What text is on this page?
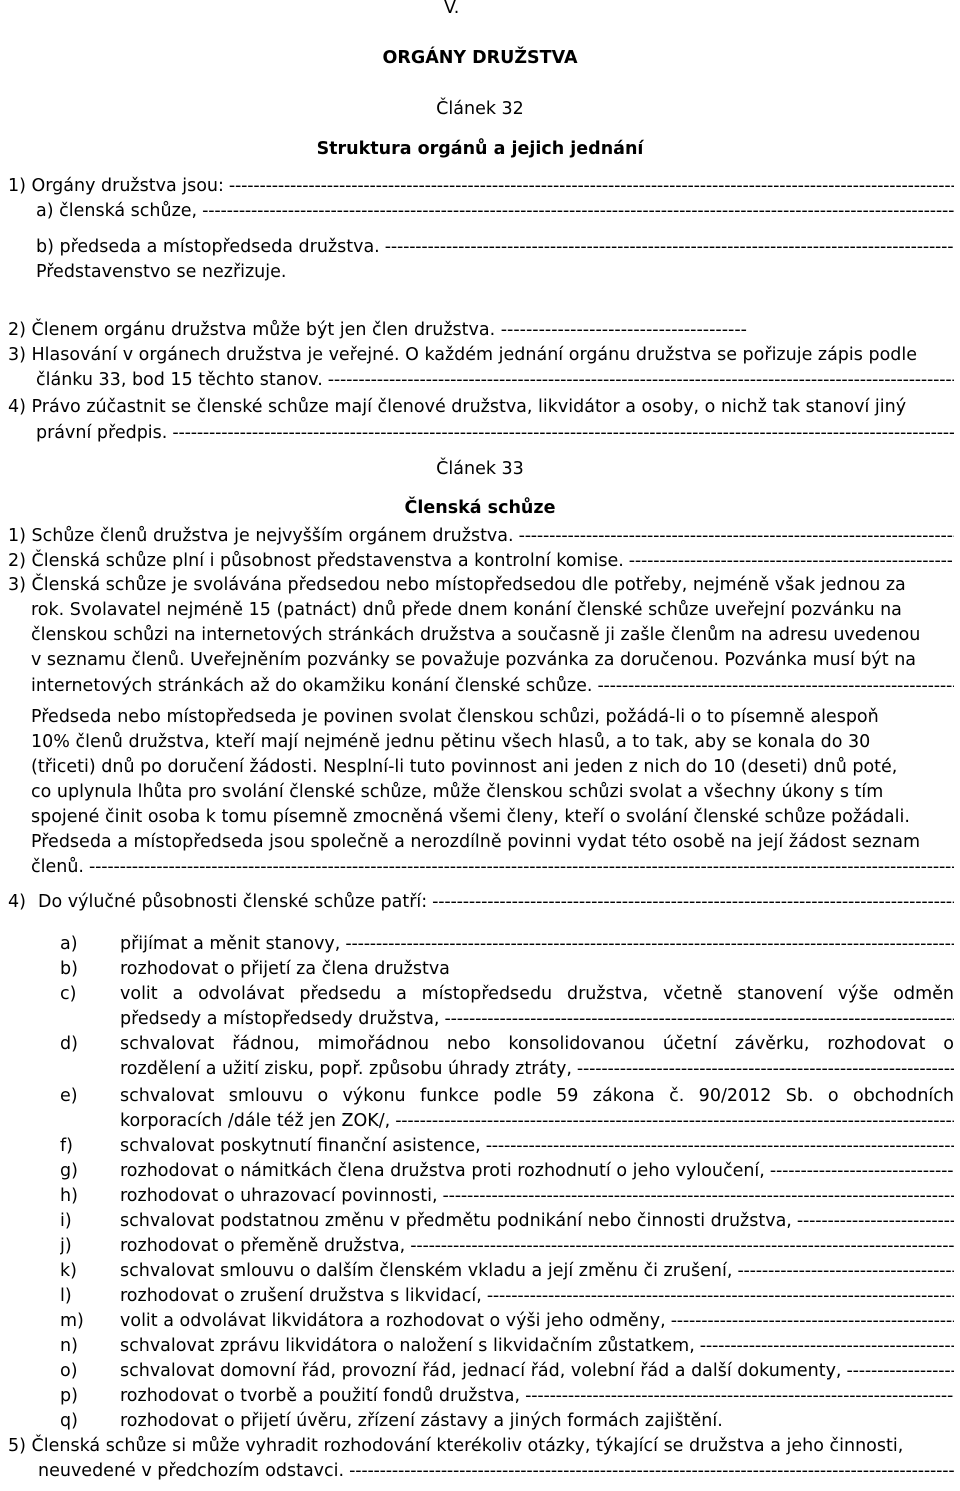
V.
ORGÁNY DRUŽSTVA
Článek 32
Struktura orgánů a jejich jednání
1) Orgány družstva jsou: -----
a) členská schůze, -----
b) předseda a místopředseda družstva. -----
Představenstvo se nezřizuje.
2) Členem orgánu družstva může být jen člen družstva. ---------------------------------------
3) Hlasování v orgánech družstva je veřejné. O každém jednání orgánu družstva se pořizuje zápis podle
článku 33, bod 15 těchto stanov. -----
4) Právo zúčastnit se členské schůze mají členové družstva, likvidátor a osoby, o nichž tak stanoví jiný
právní předpis. -----
Článek 33
Členská schůze
1) Schůze členů družstva je nejvyšším orgánem družstva. -----
2) Členská schůze plní i působnost představenstva a kontrolní komise. -----
3) Členská schůze je svolávána předsedou nebo místopředsedou dle potřeby, nejméně však jednou za
rok. Svolavatel nejméně 15 (patnáct) dnů přede dnem konání členské schůze uveřejní pozvánku na
členskou schůzi na internetových stránkách družstva a současně ji zašle členům na adresu uvedenou
v seznamu členů. Uveřejněním pozvánky se považuje pozvánka za doručenou. Pozvánka musí být na
internetových stránkách až do okamžiku konání členské schůze. -----
Předseda nebo místopředseda je povinen svolat členskou schůzi, požádá-li o to písemně alespoň
10% členů družstva, kteří mají nejméně jednu pětinu všech hlasů, a to tak, aby se konala do 30
(třiceti) dnů po doručení žádosti. Nesplní-li tuto povinnost ani jeden z nich do 10 (deseti) dnů poté,
co uplynula lhůta pro svolání členské schůze, může členskou schůzi svolat a všechny úkony s tím
spojené činit osoba k tomu písemně zmocněná všemi členy, kteří o svolání členské schůze požádali.
Předseda a místopředseda jsou společně a nerozdílně povinni vydat této osobě na její žádost seznam
členů. -----
4) Do výlučné působnosti členské schůze patří: -----
a)	přijímat a měnit stanovy, -----
b)	rozhodovat o přijetí za člena družstva
c)	volit a odvolávat předsedu a místopředsedu družstva, včetně stanovení výše odměn
předsedy a místopředsedy družstva, -----
d)	schvalovat řádnou, mimořádnou nebo konsolidovanou účetní závěrku, rozhodovat o
rozdělení a užití zisku, popř. způsobu úhrady ztráty, -----
e)	schvalovat smlouvu o výkonu funkce podle 59 zákona č. 90/2012 Sb. o obchodních
korporacích /dále též jen ZOK/, -----
f)	schvalovat poskytnutí finanční asistence, -----
g)	rozhodovat o námitkách člena družstva proti rozhodnutí o jeho vyloučení, -----
h)	rozhodovat o uhrazovací povinnosti, -----
i)	schvalovat podstatnou změnu v předmětu podnikání nebo činnosti družstva, -----
j)	rozhodovat o přeměně družstva, -----
k)	schvalovat smlouvu o dalším členském vkladu a její změnu či zrušení, -----
l)	rozhodovat o zrušení družstva s likvidací, -----
m)	volit a odvolávat likvidátora a rozhodovat o výši jeho odměny, -----
n)	schvalovat zprávu likvidátora o naložení s likvidačním zůstatkem, -----
o)	schvalovat domovní řád, provozní řád, jednací řád, volební řád a další dokumenty, -----
p)	rozhodovat o tvorbě a použití fondů družstva, -----
q)	rozhodovat o přijetí úvěru, zřízení zástavy a jiných formách zajištění.
5) Členská schůze si může vyhradit rozhodování kterékoliv otázky, týkající se družstva a jeho činnosti,
neuvedené v předchozím odstavci. -----
